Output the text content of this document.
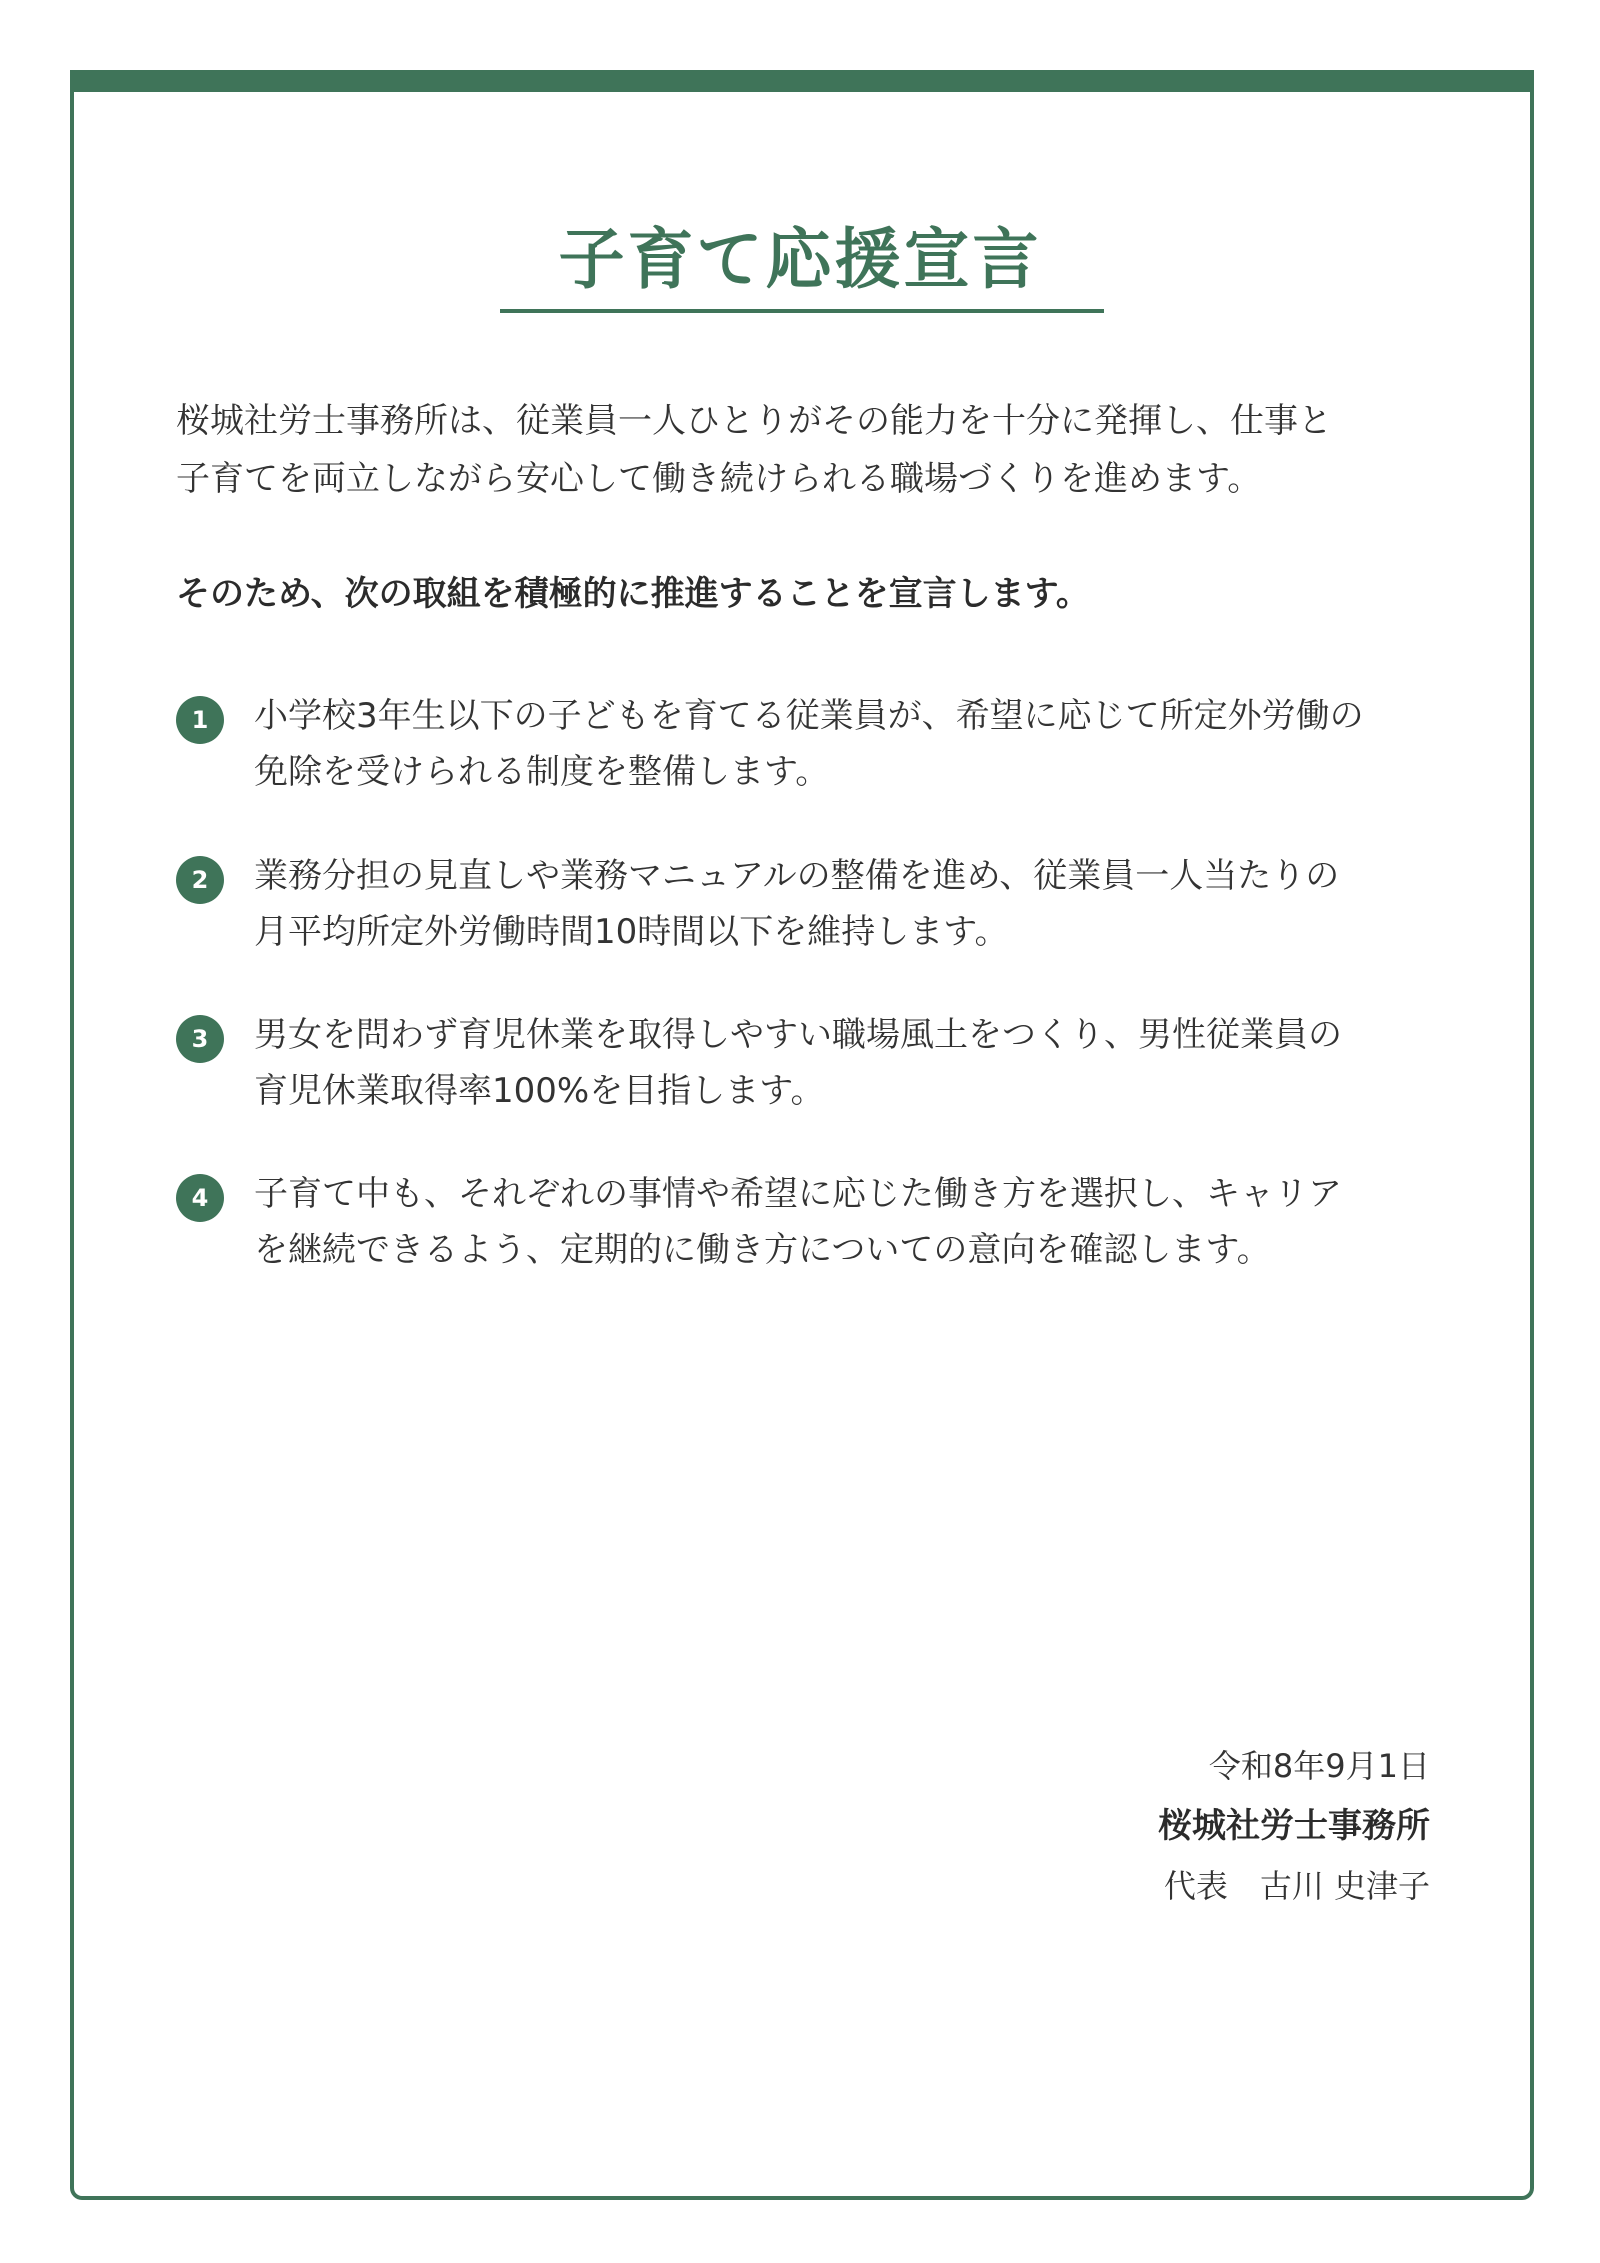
子育て応援宣言
桜城社労士事務所は、従業員一人ひとりがその能力を十分に発揮し、仕事と
子育てを両立しながら安心して働き続けられる職場づくりを進めます。
そのため、次の取組を積極的に推進することを宣言します。
1	小学校3年生以下の子どもを育てる従業員が、希望に応じて所定外労働の
免除を受けられる制度を整備します。
2	業務分担の見直しや業務マニュアルの整備を進め、従業員一人当たりの
月平均所定外労働時間10時間以下を維持します。
3	男女を問わず育児休業を取得しやすい職場風土をつくり、男性従業員の
育児休業取得率100%を目指します。
4	子育て中も、それぞれの事情や希望に応じた働き方を選択し、キャリア
を継続できるよう、定期的に働き方についての意向を確認します。
令和8年9月1日
桜城社労士事務所
代表　古川 史津子
